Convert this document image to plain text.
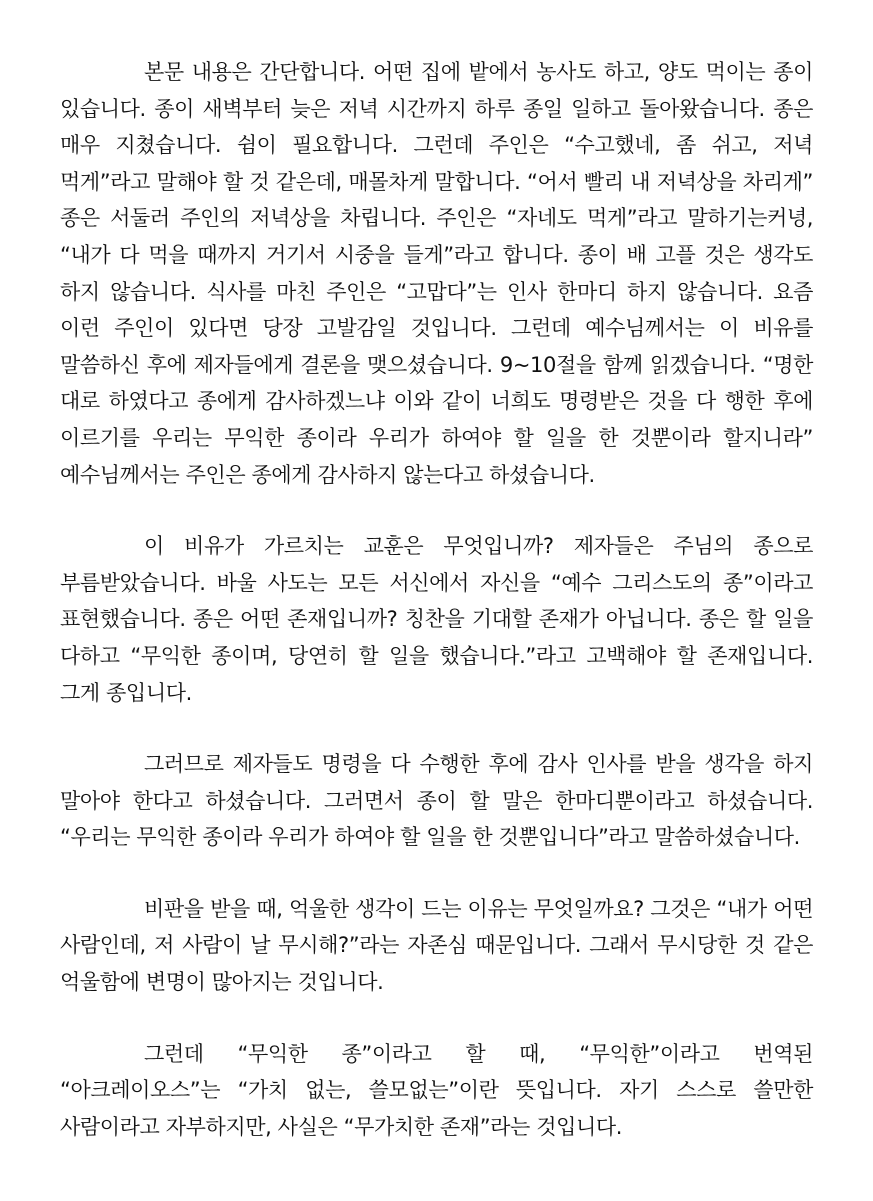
본문 내용은 간단합니다. 어떤 집에 밭에서 농사도 하고, 양도 먹이는 종이 있습니다. 종이 새벽부터 늦은 저녁 시간까지 하루 종일 일하고 돌아왔습니다. 종은 매우 지쳤습니다. 쉼이 필요합니다. 그런데 주인은 “수고했네, 좀 쉬고, 저녁 먹게”라고 말해야 할 것 같은데, 매몰차게 말합니다. “어서 빨리 내 저녁상을 차리게” 종은 서둘러 주인의 저녁상을 차립니다. 주인은 “자네도 먹게”라고 말하기는커녕, “내가 다 먹을 때까지 거기서 시중을 들게”라고 합니다. 종이 배 고플 것은 생각도 하지 않습니다. 식사를 마친 주인은 “고맙다”는 인사 한마디 하지 않습니다. 요즘 이런 주인이 있다면 당장 고발감일 것입니다. 그런데 예수님께서는 이 비유를 말씀하신 후에 제자들에게 결론을 맺으셨습니다. 9~10절을 함께 읽겠습니다. “명한 대로 하였다고 종에게 감사하겠느냐 이와 같이 너희도 명령받은 것을 다 행한 후에 이르기를 우리는 무익한 종이라 우리가 하여야 할 일을 한 것뿐이라 할지니라” 예수님께서는 주인은 종에게 감사하지 않는다고 하셨습니다.

이 비유가 가르치는 교훈은 무엇입니까? 제자들은 주님의 종으로 부름받았습니다. 바울 사도는 모든 서신에서 자신을 “예수 그리스도의 종”이라고 표현했습니다. 종은 어떤 존재입니까? 칭찬을 기대할 존재가 아닙니다. 종은 할 일을 다하고 “무익한 종이며, 당연히 할 일을 했습니다.”라고 고백해야 할 존재입니다. 그게 종입니다.

그러므로 제자들도 명령을 다 수행한 후에 감사 인사를 받을 생각을 하지 말아야 한다고 하셨습니다. 그러면서 종이 할 말은 한마디뿐이라고 하셨습니다. “우리는 무익한 종이라 우리가 하여야 할 일을 한 것뿐입니다”라고 말씀하셨습니다.

비판을 받을 때, 억울한 생각이 드는 이유는 무엇일까요? 그것은 “내가 어떤 사람인데, 저 사람이 날 무시해?”라는 자존심 때문입니다. 그래서 무시당한 것 같은 억울함에 변명이 많아지는 것입니다.

그런데 “무익한 종”이라고 할 때, “무익한”이라고 번역된 “아크레이오스”는 “가치 없는, 쓸모없는”이란 뜻입니다. 자기 스스로 쓸만한 사람이라고 자부하지만, 사실은 “무가치한 존재”라는 것입니다.
